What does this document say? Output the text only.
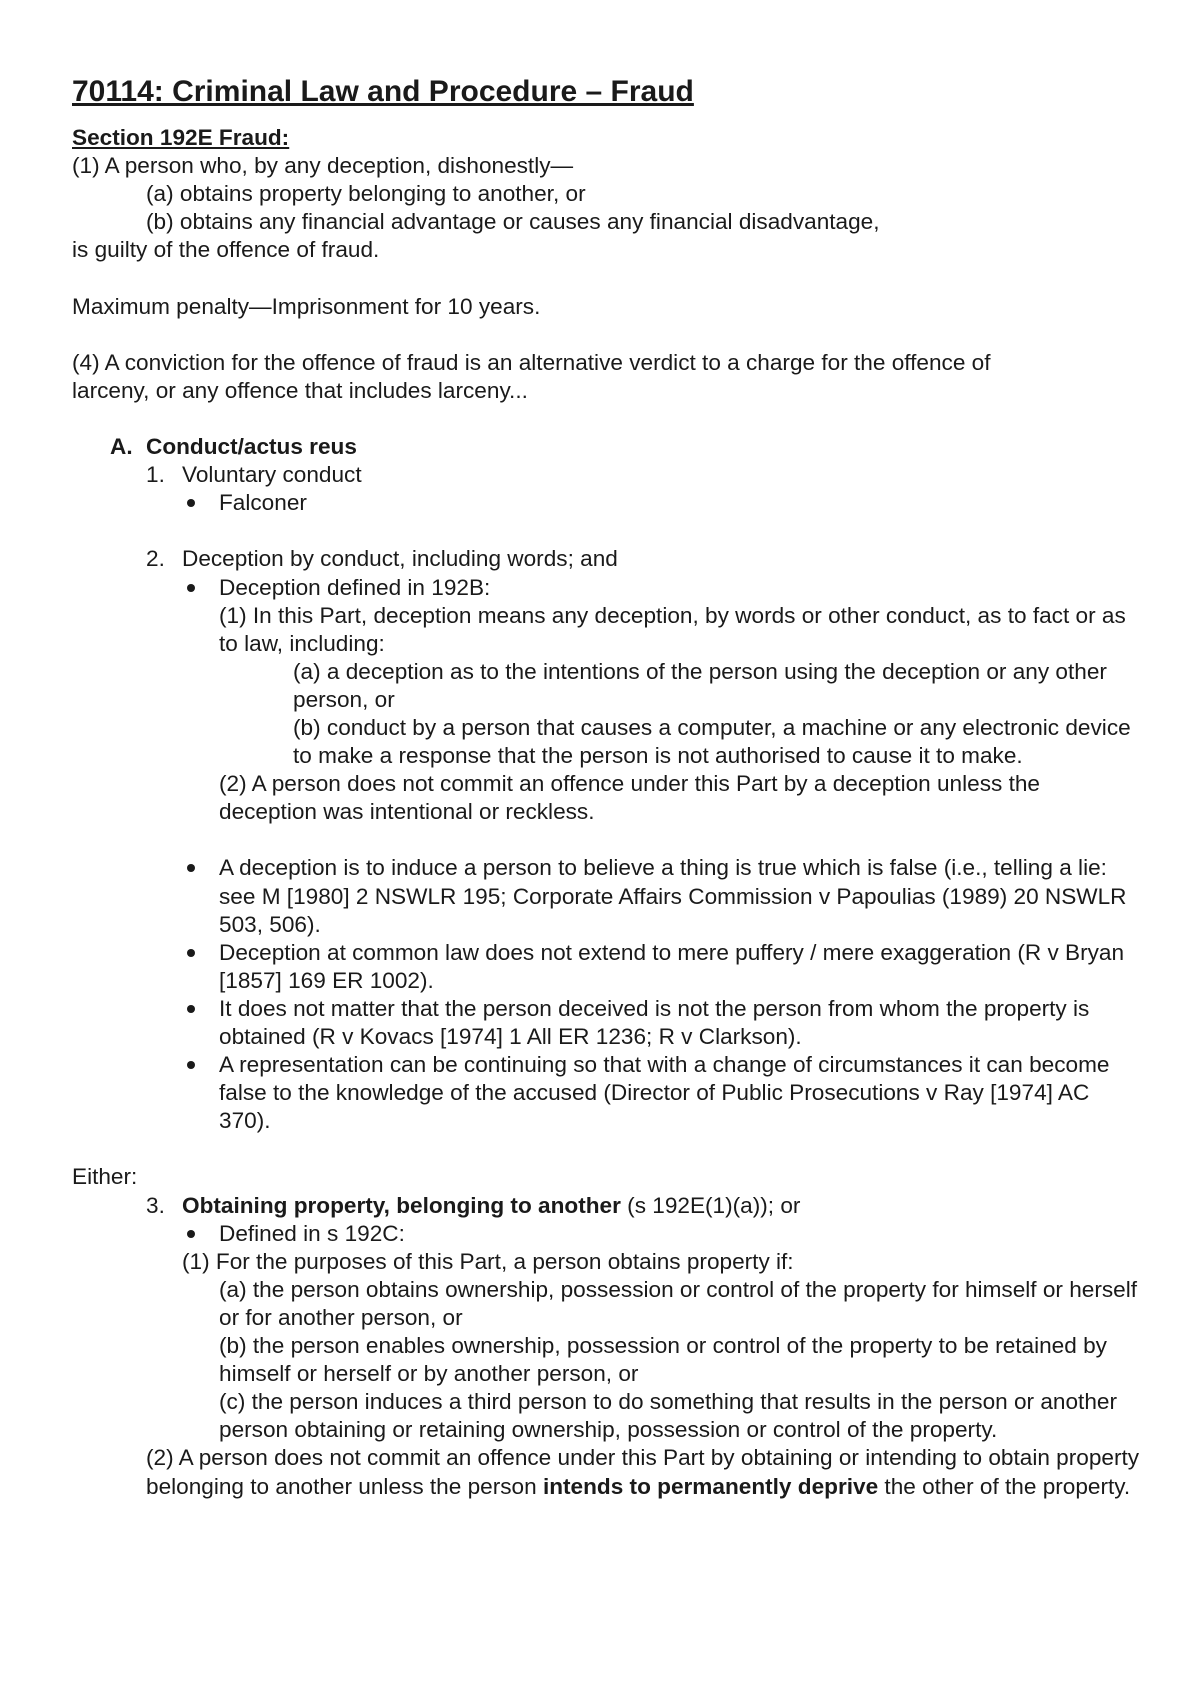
70114: Criminal Law and Procedure – Fraud
Section 192E Fraud:
(1) A person who, by any deception, dishonestly—
(a) obtains property belonging to another, or
(b) obtains any financial advantage or causes any financial disadvantage,
is guilty of the offence of fraud.
Maximum penalty—Imprisonment for 10 years.
(4) A conviction for the offence of fraud is an alternative verdict to a charge for the offence of
larceny, or any offence that includes larceny...
A. Conduct/actus reus
1. Voluntary conduct
Falconer
2. Deception by conduct, including words; and
Deception defined in 192B:
(1) In this Part, deception means any deception, by words or other conduct, as to fact or as to law, including:
(a) a deception as to the intentions of the person using the deception or any other person, or
(b) conduct by a person that causes a computer, a machine or any electronic device to make a response that the person is not authorised to cause it to make.
(2) A person does not commit an offence under this Part by a deception unless the deception was intentional or reckless.
A deception is to induce a person to believe a thing is true which is false (i.e., telling a lie: see M [1980] 2 NSWLR 195; Corporate Affairs Commission v Papoulias (1989) 20 NSWLR 503, 506).
Deception at common law does not extend to mere puffery / mere exaggeration (R v Bryan [1857] 169 ER 1002).
It does not matter that the person deceived is not the person from whom the property is obtained (R v Kovacs [1974] 1 All ER 1236; R v Clarkson).
A representation can be continuing so that with a change of circumstances it can become false to the knowledge of the accused (Director of Public Prosecutions v Ray [1974] AC 370).
Either:
3. Obtaining property, belonging to another (s 192E(1)(a)); or
Defined in s 192C:
(1) For the purposes of this Part, a person obtains property if:
(a) the person obtains ownership, possession or control of the property for himself or herself or for another person, or
(b) the person enables ownership, possession or control of the property to be retained by himself or herself or by another person, or
(c) the person induces a third person to do something that results in the person or another person obtaining or retaining ownership, possession or control of the property.
(2) A person does not commit an offence under this Part by obtaining or intending to obtain property belonging to another unless the person intends to permanently deprive the other of the property.
